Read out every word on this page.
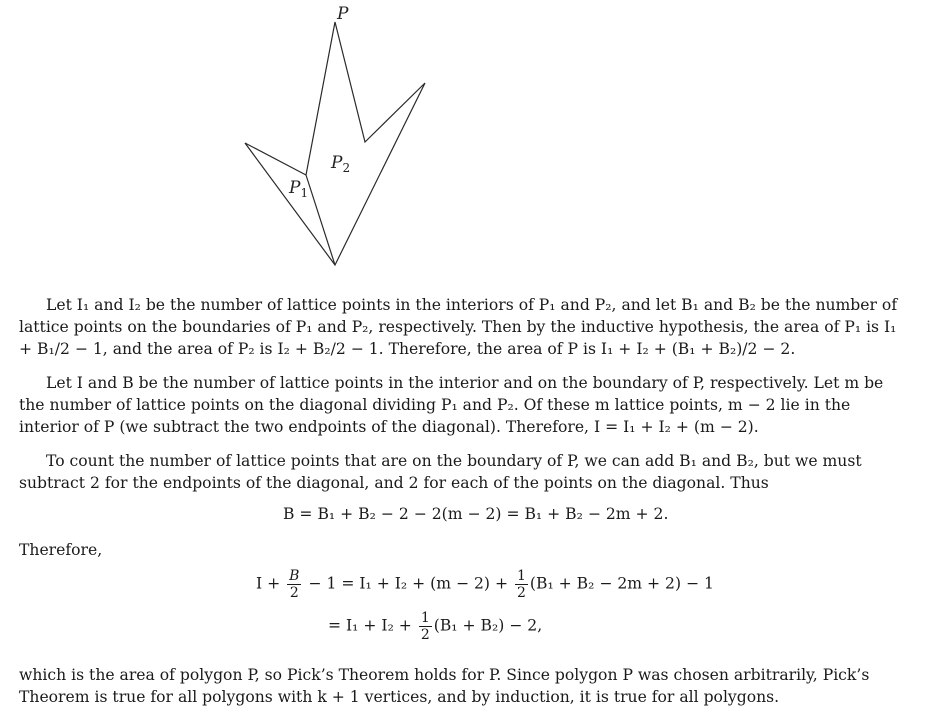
P
$P_2$
$P_1$

Let I₁ and I₂ be the number of lattice points in the interiors of P₁ and P₂, and let B₁ and B₂ be the number of lattice points on the boundaries of P₁ and P₂, respectively. Then by the inductive hypothesis, the area of P₁ is I₁ + B₁/2 − 1, and the area of P₂ is I₂ + B₂/2 − 1. Therefore, the area of P is I₁ + I₂ + (B₁ + B₂)/2 − 2.

Let I and B be the number of lattice points in the interior and on the boundary of P, respectively. Let m be the number of lattice points on the diagonal dividing P₁ and P₂. Of these m lattice points, m − 2 lie in the interior of P (we subtract the two endpoints of the diagonal). Therefore, I = I₁ + I₂ + (m − 2).

To count the number of lattice points that are on the boundary of P, we can add B₁ and B₂, but we must subtract 2 for the endpoints of the diagonal, and 2 for each of the points on the diagonal. Thus

B = B₁ + B₂ − 2 − 2(m − 2) = B₁ + B₂ − 2m + 2.

Therefore,

$I + \frac{B}{2} - 1 = I_1 + I_2 + (m - 2) + \frac{1}{2} (B_1 + B_2 - 2m + 2) - 1$
= $I_1 + I_2 + \frac{1}{2} (B_1 + B_2) - 2$,

which is the area of polygon P, so Pick’s Theorem holds for P. Since polygon P was chosen arbitrarily, Pick’s Theorem is true for all polygons with k + 1 vertices, and by induction, it is true for all polygons.
